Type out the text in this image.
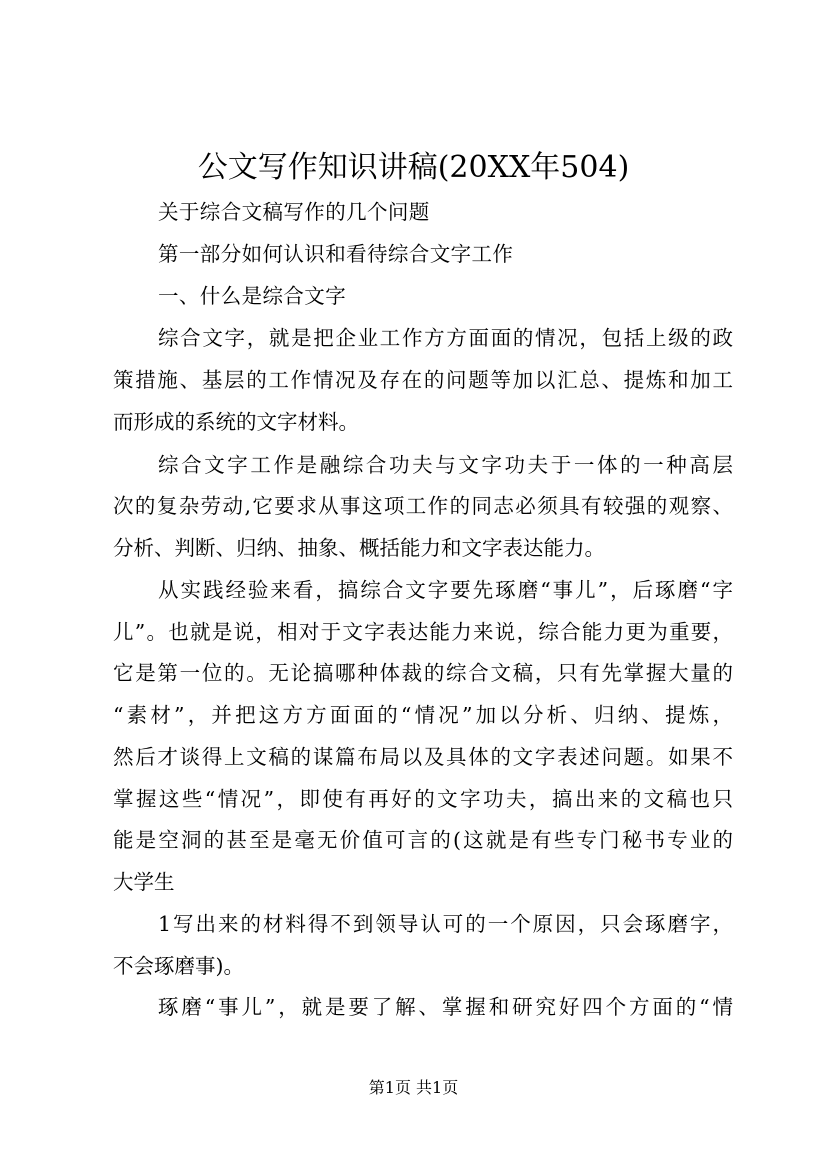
公文写作知识讲稿(20XX年504)

关于综合文稿写作的几个问题

第一部分如何认识和看待综合文字工作

一、什么是综合文字

综合文字，就是把企业工作方方面面的情况，包括上级的政

策措施、基层的工作情况及存在的问题等加以汇总、提炼和加工

而形成的系统的文字材料。

综合文字工作是融综合功夫与文字功夫于一体的一种高层

次的复杂劳动,它要求从事这项工作的同志必须具有较强的观察、

分析、判断、归纳、抽象、概括能力和文字表达能力。

从实践经验来看，搞综合文字要先琢磨“事儿”，后琢磨“字

儿”。也就是说，相对于文字表达能力来说，综合能力更为重要，

它是第一位的。无论搞哪种体裁的综合文稿，只有先掌握大量的

“素材”，并把这方方面面的“情况”加以分析、归纳、提炼，

然后才谈得上文稿的谋篇布局以及具体的文字表述问题。如果不

掌握这些“情况”，即使有再好的文字功夫，搞出来的文稿也只

能是空洞的甚至是毫无价值可言的(这就是有些专门秘书专业的

大学生

1写出来的材料得不到领导认可的一个原因，只会琢磨字，

不会琢磨事)。

琢磨“事儿”，就是要了解、掌握和研究好四个方面的“情

第1页 共1页
